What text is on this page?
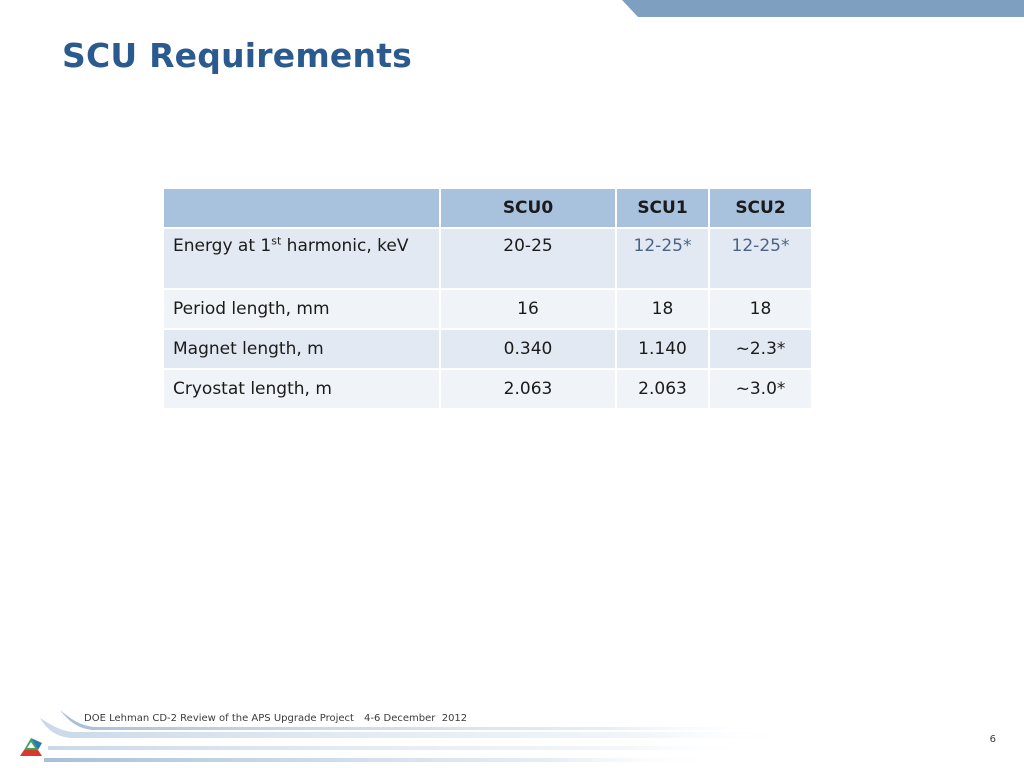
SCU Requirements
	SCU0	SCU1	SCU2
Energy at 1st harmonic, keV	20-25	12-25*	12-25*
Period length, mm	16	18	18
Magnet length, m	0.340	1.140	~2.3*
Cryostat length, m	2.063	2.063	~3.0*
DOE Lehman CD-2 Review of the APS Upgrade Project 4-6 December  2012
6
